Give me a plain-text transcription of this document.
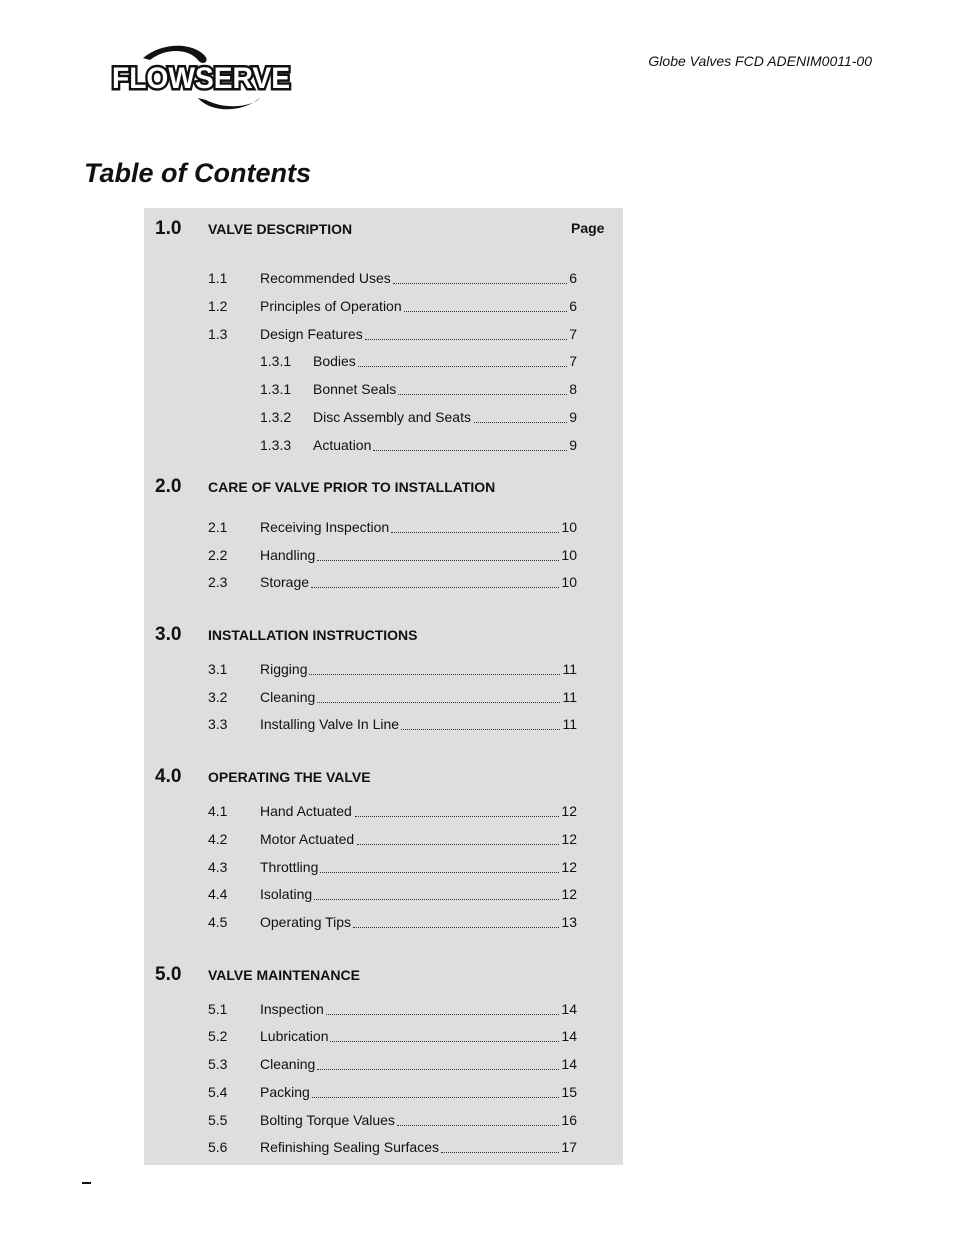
FLOWSERVE
Globe Valves FCD ADENIM0011-00
Table of Contents
Page
1.0 VALVE DESCRIPTION
1.1 Recommended Uses	6
1.2 Principles of Operation	6
1.3 Design Features	7
1.3.1 Bodies	7
1.3.1 Bonnet Seals	8
1.3.2 Disc Assembly and Seats	9
1.3.3 Actuation	9
2.0 CARE OF VALVE PRIOR TO INSTALLATION
2.1 Receiving Inspection	10
2.2 Handling	10
2.3 Storage	10
3.0 INSTALLATION INSTRUCTIONS
3.1 Rigging	11
3.2 Cleaning	11
3.3 Installing Valve In Line	11
4.0 OPERATING THE VALVE
4.1 Hand Actuated	12
4.2 Motor Actuated	12
4.3 Throttling	12
4.4 Isolating	12
4.5 Operating Tips	13
5.0 VALVE MAINTENANCE
5.1 Inspection	14
5.2 Lubrication	14
5.3 Cleaning	14
5.4 Packing	15
5.5 Bolting Torque Values	16
5.6 Refinishing Sealing Surfaces	17
